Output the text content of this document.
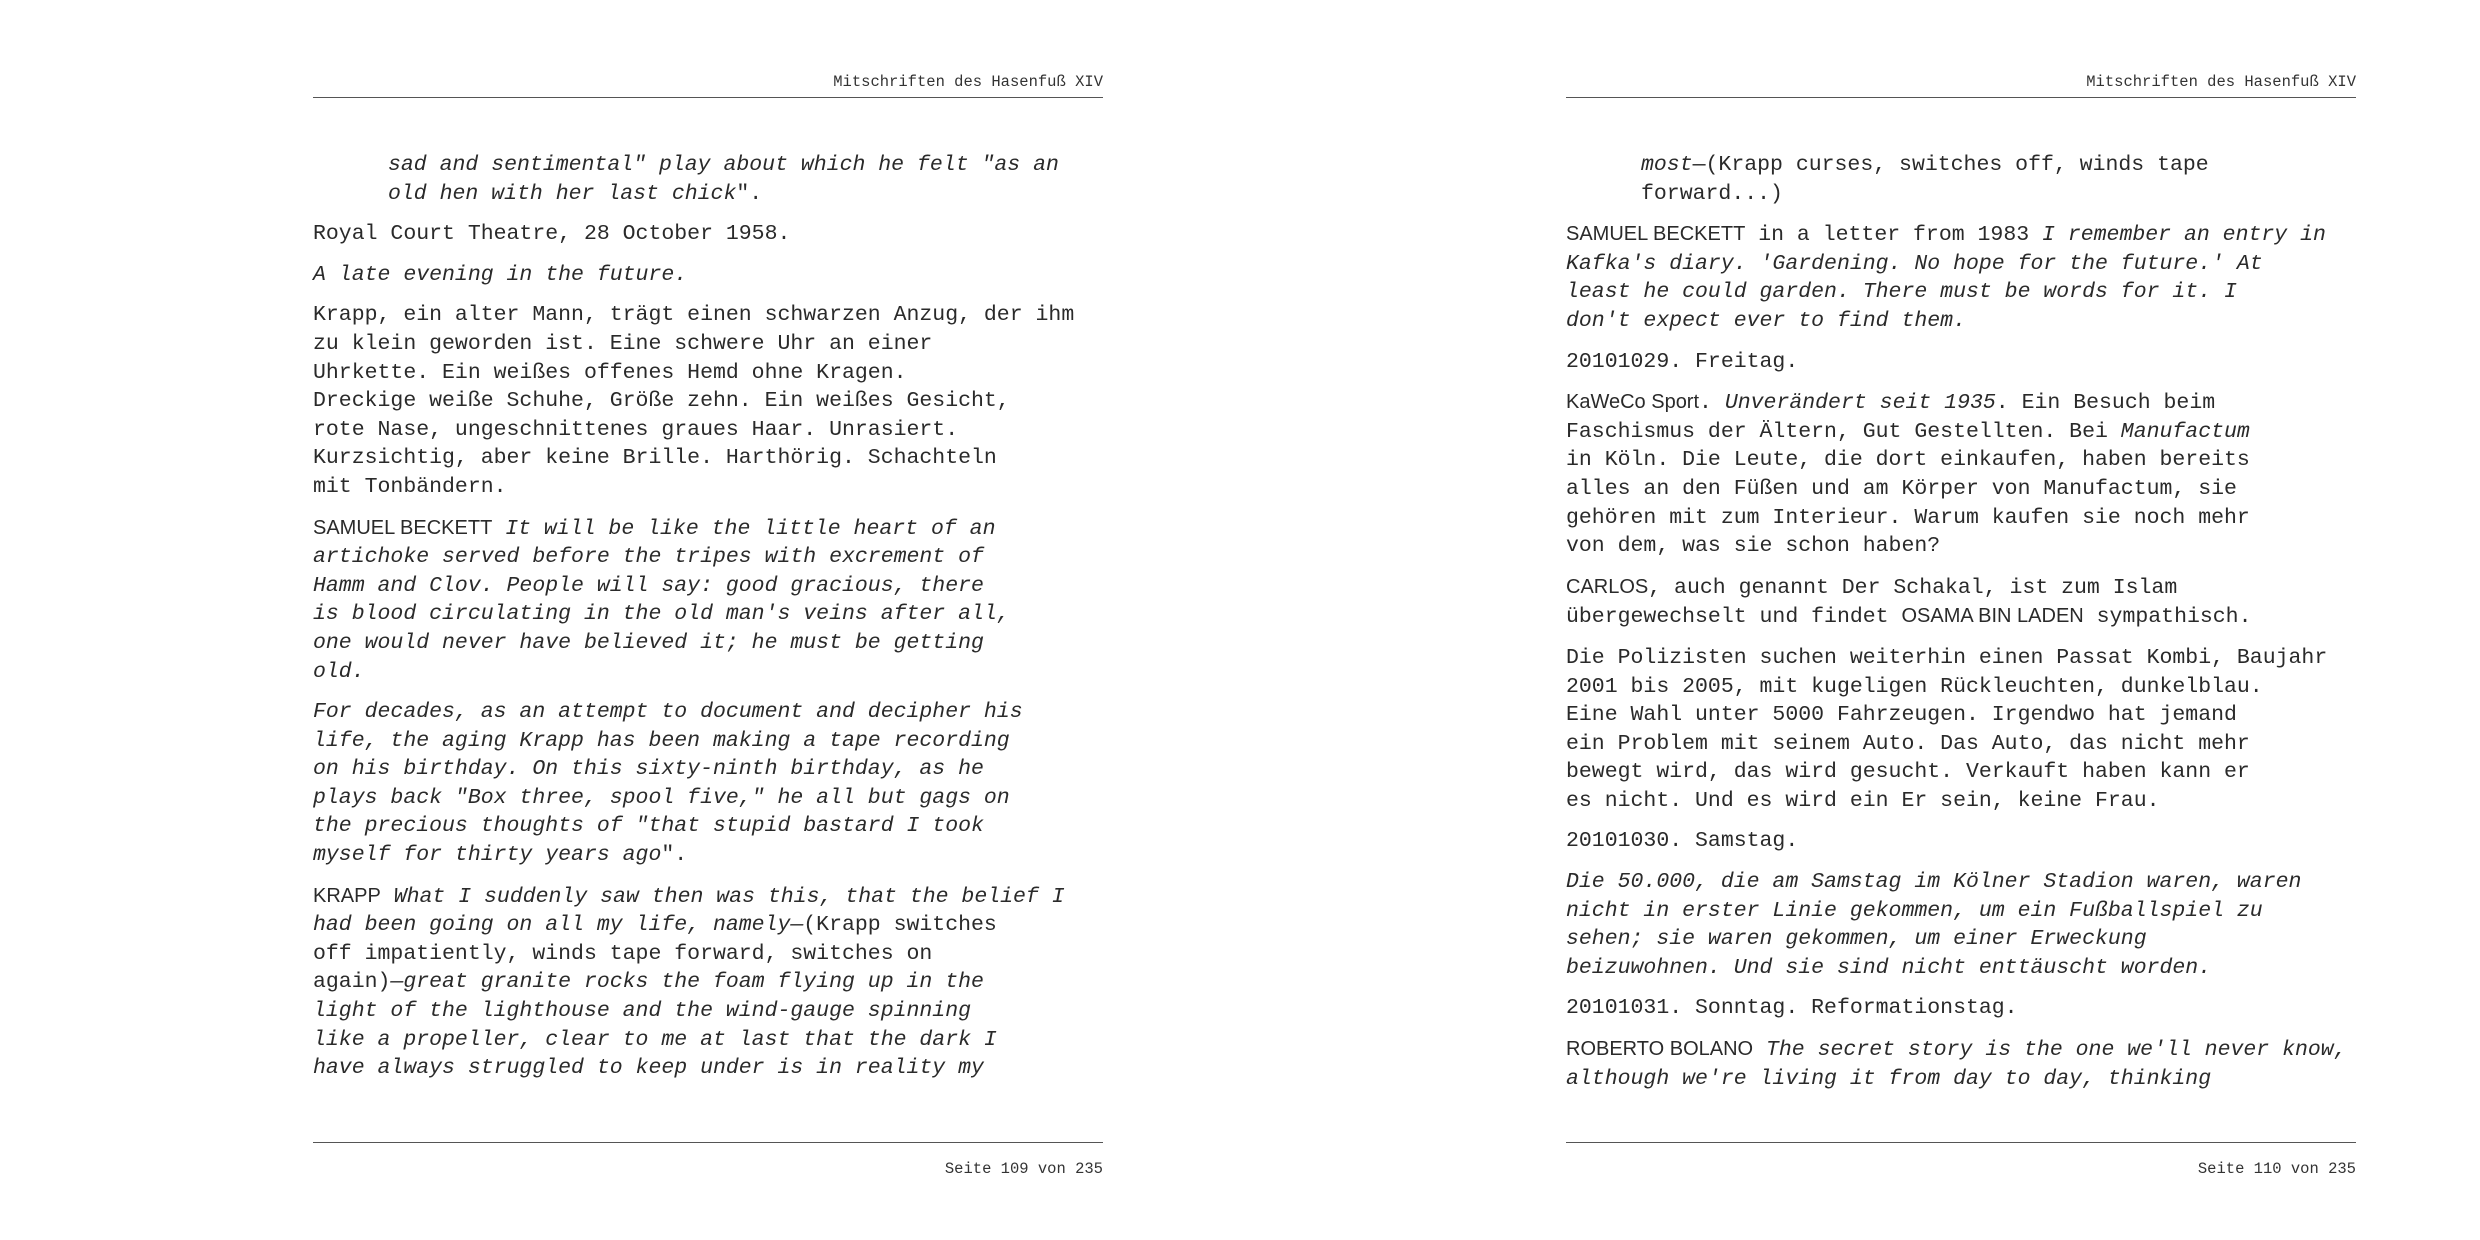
Mitschriften des Hasenfuß XIV

sad and sentimental" play about which he felt "as an
old hen with her last chick".

Royal Court Theatre, 28 October 1958.

A late evening in the future.

Krapp, ein alter Mann, trägt einen schwarzen Anzug, der ihm
zu klein geworden ist. Eine schwere Uhr an einer
Uhrkette. Ein weißes offenes Hemd ohne Kragen.
Dreckige weiße Schuhe, Größe zehn. Ein weißes Gesicht,
rote Nase, ungeschnittenes graues Haar. Unrasiert.
Kurzsichtig, aber keine Brille. Harthörig. Schachteln
mit Tonbändern.

SAMUEL BECKETT It will be like the little heart of an
artichoke served before the tripes with excrement of
Hamm and Clov. People will say: good gracious, there
is blood circulating in the old man's veins after all,
one would never have believed it; he must be getting
old.

For decades, as an attempt to document and decipher his
life, the aging Krapp has been making a tape recording
on his birthday. On this sixty-ninth birthday, as he
plays back "Box three, spool five," he all but gags on
the precious thoughts of "that stupid bastard I took
myself for thirty years ago".

KRAPP What I suddenly saw then was this, that the belief I
had been going on all my life, namely—(Krapp switches
off impatiently, winds tape forward, switches on
again)—great granite rocks the foam flying up in the
light of the lighthouse and the wind-gauge spinning
like a propeller, clear to me at last that the dark I
have always struggled to keep under is in reality my

Seite 109 von 235
Mitschriften des Hasenfuß XIV

most—(Krapp curses, switches off, winds tape
forward...)

SAMUEL BECKETT in a letter from 1983 I remember an entry in
Kafka's diary. 'Gardening. No hope for the future.' At
least he could garden. There must be words for it. I
don't expect ever to find them.

20101029. Freitag.

KaWeCo Sport. Unverändert seit 1935. Ein Besuch beim
Faschismus der Ältern, Gut Gestellten. Bei Manufactum
in Köln. Die Leute, die dort einkaufen, haben bereits
alles an den Füßen und am Körper von Manufactum, sie
gehören mit zum Interieur. Warum kaufen sie noch mehr
von dem, was sie schon haben?

CARLOS, auch genannt Der Schakal, ist zum Islam
übergewechselt und findet OSAMA BIN LADEN sympathisch.

Die Polizisten suchen weiterhin einen Passat Kombi, Baujahr
2001 bis 2005, mit kugeligen Rückleuchten, dunkelblau.
Eine Wahl unter 5000 Fahrzeugen. Irgendwo hat jemand
ein Problem mit seinem Auto. Das Auto, das nicht mehr
bewegt wird, das wird gesucht. Verkauft haben kann er
es nicht. Und es wird ein Er sein, keine Frau.

20101030. Samstag.

Die 50.000, die am Samstag im Kölner Stadion waren, waren
nicht in erster Linie gekommen, um ein Fußballspiel zu
sehen; sie waren gekommen, um einer Erweckung
beizuwohnen. Und sie sind nicht enttäuscht worden.

20101031. Sonntag. Reformationstag.

ROBERTO BOLANO The secret story is the one we'll never know,
although we're living it from day to day, thinking

Seite 110 von 235
